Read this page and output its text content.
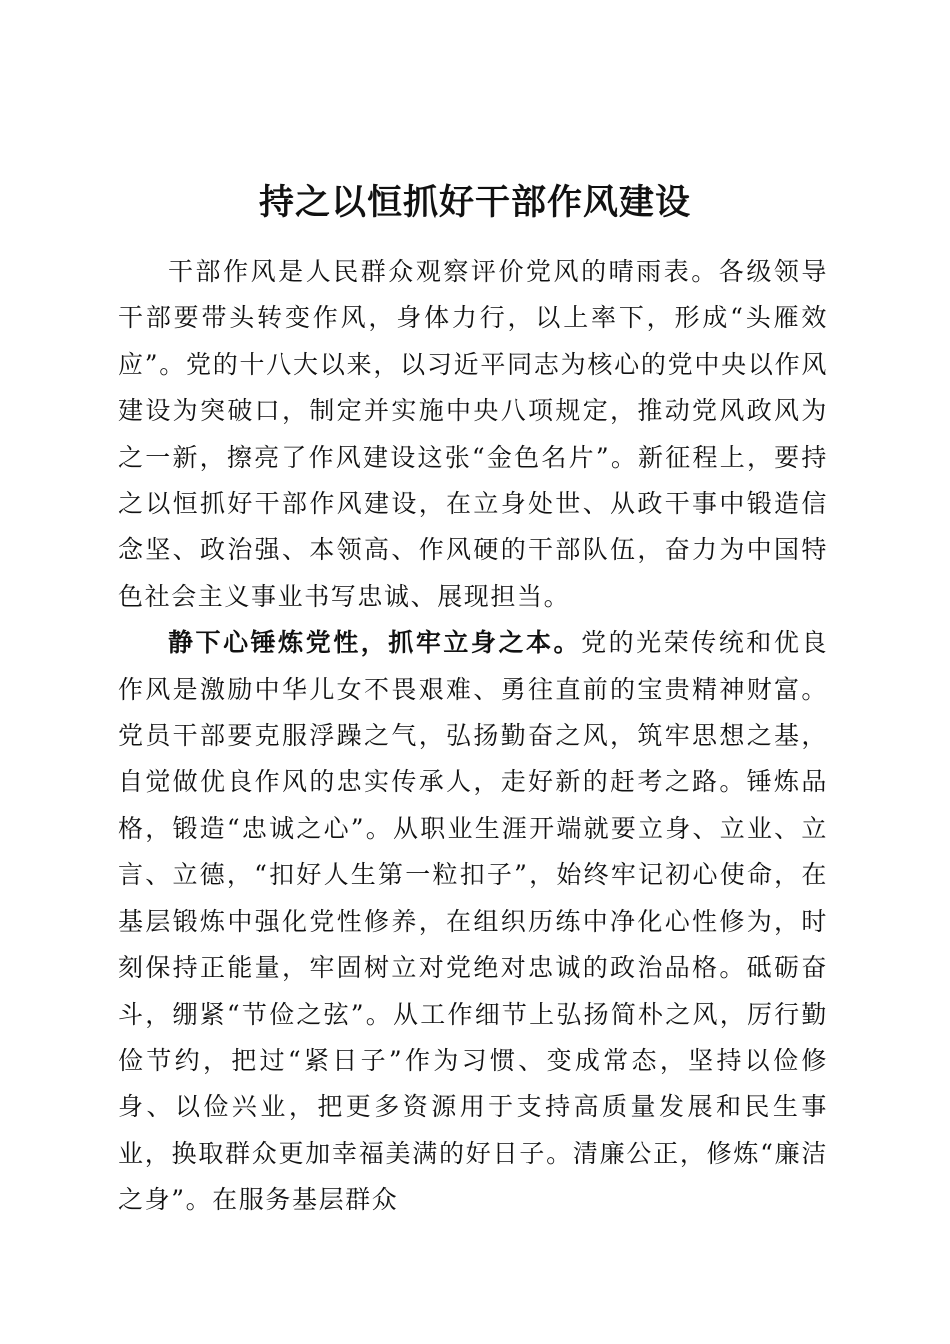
持之以恒抓好干部作风建设

干部作风是人民群众观察评价党风的晴雨表。各级领导干部要带头转变作风，身体力行，以上率下，形成“头雁效应”。党的十八大以来，以习近平同志为核心的党中央以作风建设为突破口，制定并实施中央八项规定，推动党风政风为之一新，擦亮了作风建设这张“金色名片”。新征程上，要持之以恒抓好干部作风建设，在立身处世、从政干事中锻造信念坚、政治强、本领高、作风硬的干部队伍，奋力为中国特色社会主义事业书写忠诚、展现担当。

静下心锤炼党性，抓牢立身之本。党的光荣传统和优良作风是激励中华儿女不畏艰难、勇往直前的宝贵精神财富。党员干部要克服浮躁之气，弘扬勤奋之风，筑牢思想之基，自觉做优良作风的忠实传承人，走好新的赶考之路。锤炼品格，锻造“忠诚之心”。从职业生涯开端就要立身、立业、立言、立德，“扣好人生第一粒扣子”，始终牢记初心使命，在基层锻炼中强化党性修养，在组织历练中净化心性修为，时刻保持正能量，牢固树立对党绝对忠诚的政治品格。砥砺奋斗，绷紧“节俭之弦”。从工作细节上弘扬简朴之风，厉行勤俭节约，把过“紧日子”作为习惯、变成常态，坚持以俭修身、以俭兴业，把更多资源用于支持高质量发展和民生事业，换取群众更加幸福美满的好日子。清廉公正，修炼“廉洁之身”。在服务基层群众
